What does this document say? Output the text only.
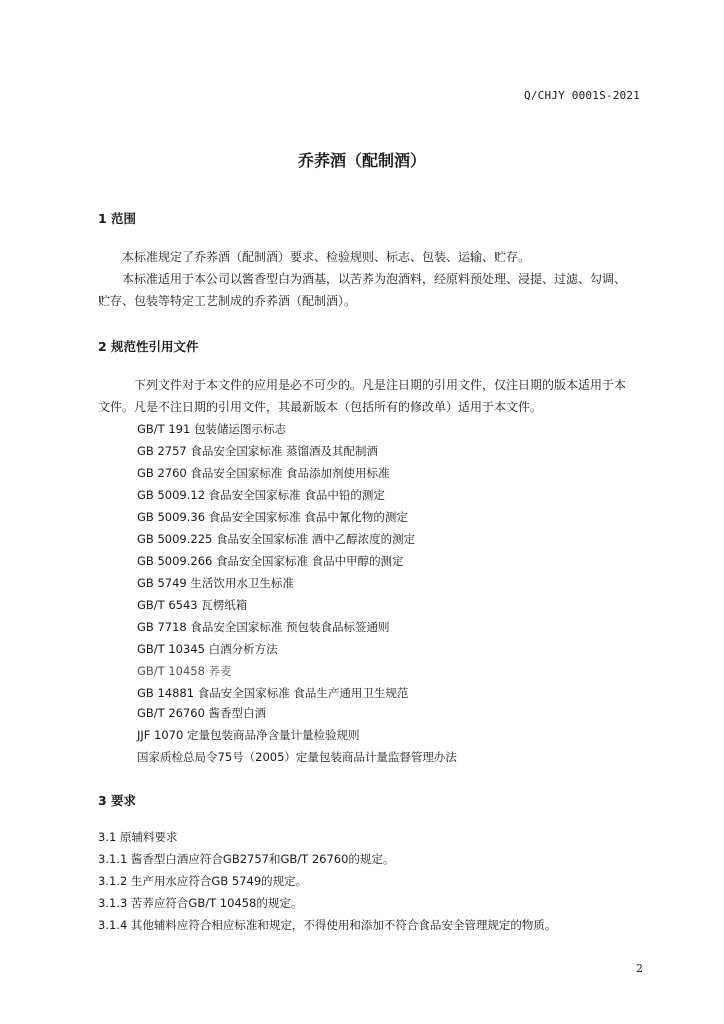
Q/CHJY 0001S-2021
乔荞酒（配制酒）
1 范围
本标准规定了乔荞酒（配制酒）要求、检验规则、标志、包装、运输、贮存。
本标准适用于本公司以酱香型白为酒基，以苦荞为泡酒料，经原料预处理、浸提、过滤、勾调、
贮存、包装等特定工艺制成的乔荞酒（配制酒）。
2 规范性引用文件
下列文件对于本文件的应用是必不可少的。凡是注日期的引用文件，仅注日期的版本适用于本
文件。凡是不注日期的引用文件，其最新版本（包括所有的修改单）适用于本文件。
GB/T 191 包装储运图示标志
GB 2757 食品安全国家标准 蒸馏酒及其配制酒
GB 2760 食品安全国家标准 食品添加剂使用标准
GB 5009.12 食品安全国家标准 食品中铅的测定
GB 5009.36 食品安全国家标准 食品中氰化物的测定
GB 5009.225 食品安全国家标准 酒中乙醇浓度的测定
GB 5009.266 食品安全国家标准 食品中甲醇的测定
GB 5749 生活饮用水卫生标准
GB/T 6543 瓦楞纸箱
GB 7718 食品安全国家标准 预包装食品标签通则
GB/T 10345 白酒分析方法
GB/T 10458 荞麦
GB 14881 食品安全国家标准 食品生产通用卫生规范
GB/T 26760 酱香型白酒
JJF 1070 定量包装商品净含量计量检验规则
国家质检总局令75号（2005）定量包装商品计量监督管理办法
3 要求
3.1 原辅料要求
3.1.1 酱香型白酒应符合GB2757和GB/T 26760的规定。
3.1.2 生产用水应符合GB 5749的规定。
3.1.3 苦荞应符合GB/T 10458的规定。
3.1.4 其他辅料应符合相应标准和规定，不得使用和添加不符合食品安全管理规定的物质。
2
